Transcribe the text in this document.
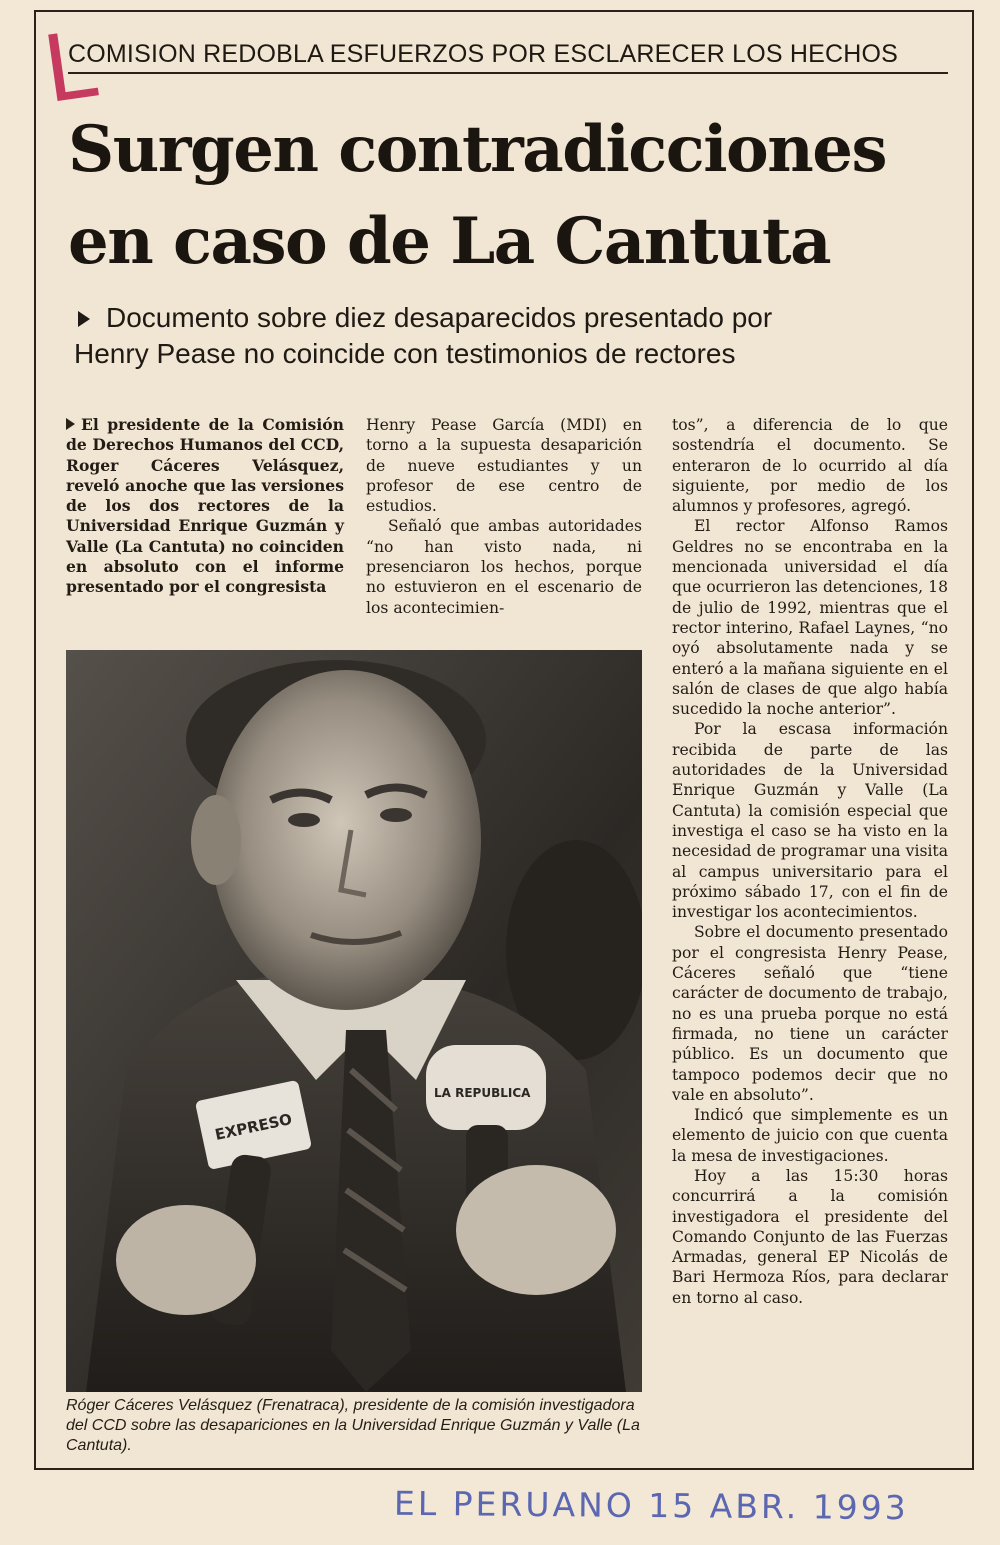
L
COMISION REDOBLA ESFUERZOS POR ESCLARECER LOS HECHOS
Surgen contradicciones
en caso de La Cantuta
Documento sobre diez desaparecidos presentado por
Henry Pease no coincide con testimonios de rectores

El presidente de la Comisión de Derechos Humanos del CCD, Roger Cáceres Velásquez, reveló anoche que las versiones de los dos rectores de la Universidad Enrique Guzmán y Valle (La Cantuta) no coinciden en absoluto con el informe presentado por el congresista

Henry Pease García (MDI) en torno a la supuesta desaparición de nueve estudiantes y un profesor de ese centro de estudios.

Señaló que ambas autoridades “no han visto nada, ni presenciaron los hechos, porque no estuvieron en el escenario de los acontecimien-

tos”, a diferencia de lo que sostendría el documento. Se enteraron de lo ocurrido al día siguiente, por medio de los alumnos y profesores, agregó.

El rector Alfonso Ramos Geldres no se encontraba en la mencionada universidad el día que ocurrieron las detenciones, 18 de julio de 1992, mientras que el rector interino, Rafael Laynes, “no oyó absolutamente nada y se enteró a la mañana siguiente en el salón de clases de que algo había sucedido la noche anterior”.

Por la escasa información recibida de parte de las autoridades de la Universidad Enrique Guzmán y Valle (La Cantuta) la comisión especial que investiga el caso se ha visto en la necesidad de programar una visita al campus universitario para el próximo sábado 17, con el fin de investigar los acontecimientos.

Sobre el documento presentado por el congresista Henry Pease, Cáceres señaló que “tiene carácter de documento de trabajo, no es una prueba porque no está firmada, no tiene un carácter público. Es un documento que tampoco podemos decir que no vale en absoluto”.

Indicó que simplemente es un elemento de juicio con que cuenta la mesa de investigaciones.

Hoy a las 15:30 horas concurrirá a la comisión investigadora el presidente del Comando Conjunto de las Fuerzas Armadas, general EP Nicolás de Bari Hermoza Ríos, para declarar en torno al caso.

EXPRESO
LA REPUBLICA
Róger Cáceres Velásquez (Frenatraca), presidente de la comisión investigadora del CCD sobre las desapariciones en la Universidad Enrique Guzmán y Valle (La Cantuta).
EL PERUANO 15 ABR. 1993
